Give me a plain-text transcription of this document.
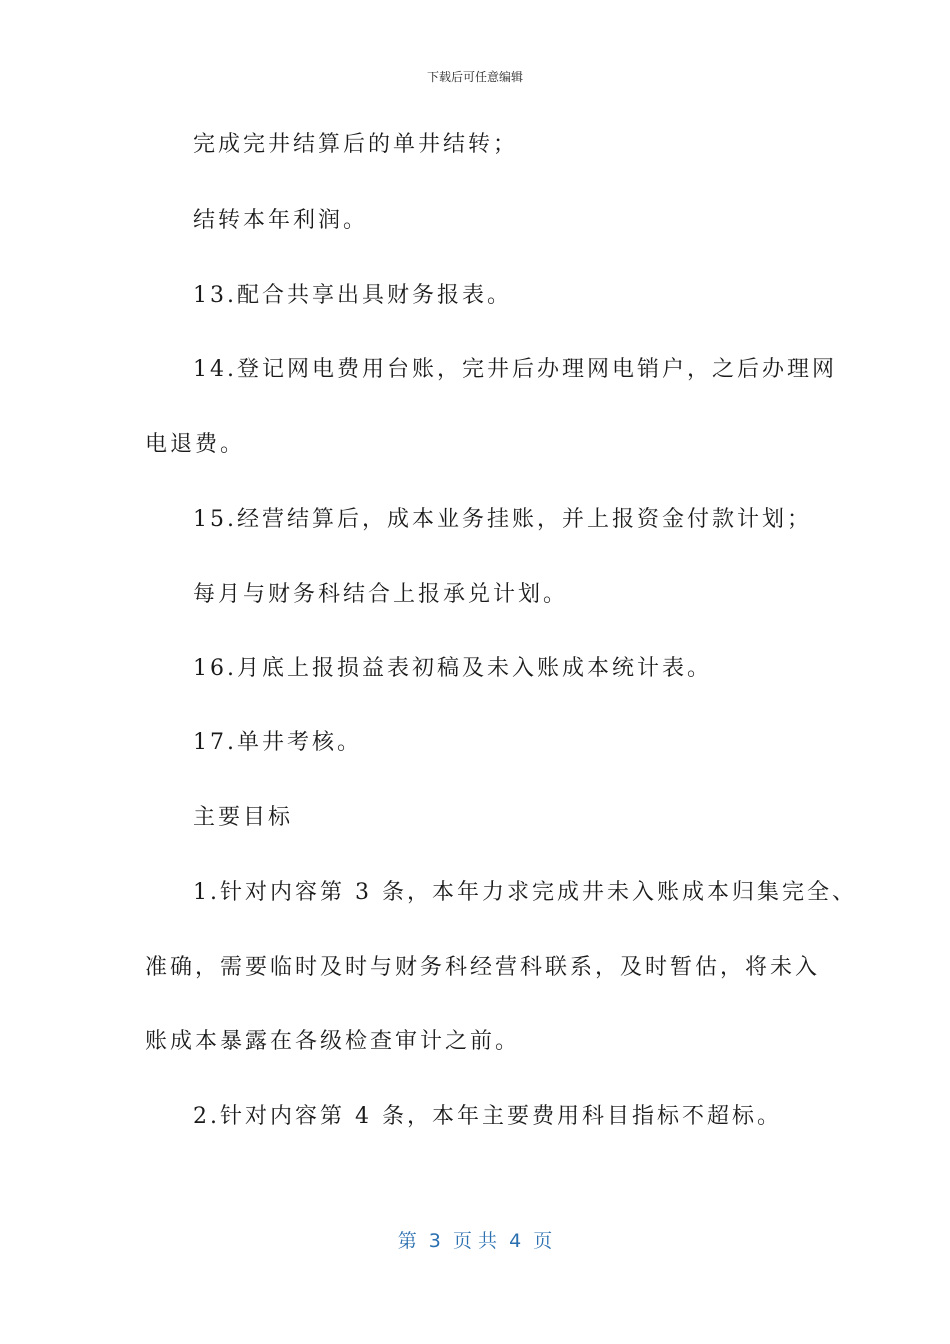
下载后可任意编辑
完成完井结算后的单井结转；
结转本年利润。
13.配合共享出具财务报表。
14.登记网电费用台账，完井后办理网电销户，之后办理网
电退费。
15.经营结算后，成本业务挂账，并上报资金付款计划；
每月与财务科结合上报承兑计划。
16.月底上报损益表初稿及未入账成本统计表。
17.单井考核。
主要目标
1.针对内容第 3 条，本年力求完成井未入账成本归集完全、
准确，需要临时及时与财务科经营科联系，及时暂估，将未入
账成本暴露在各级检查审计之前。
2.针对内容第 4 条，本年主要费用科目指标不超标。
第  3  页 共  4  页
